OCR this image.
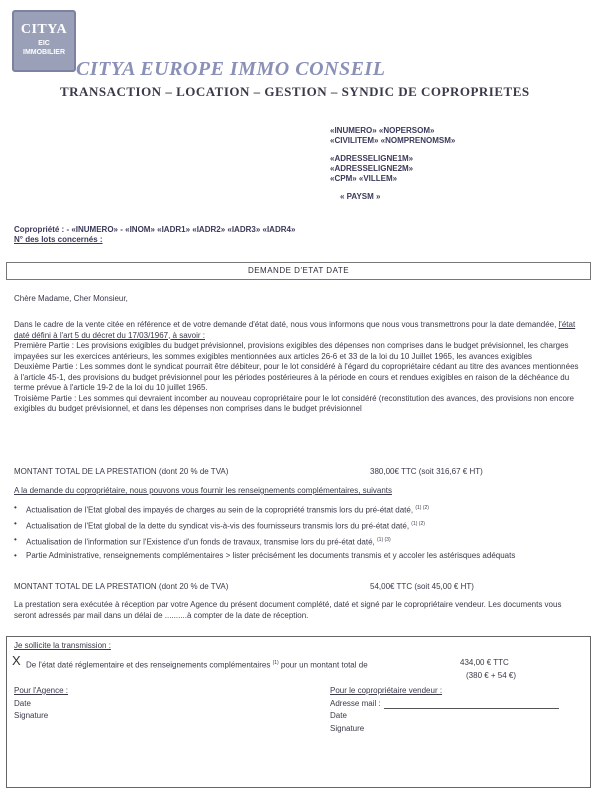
CITYA
EIC
IMMOBILIER
CITYA EUROPE IMMO CONSEIL
TRANSACTION – LOCATION – GESTION – SYNDIC DE COPROPRIETES
«INUMERO» «NOPERSOM»
«CIVILITEM» «NOMPRENOMSM»
«ADRESSELIGNE1M»
«ADRESSELIGNE2M»
«CPM» «VILLEM»
« PAYSM »
Copropriété : - «INUMERO» - «INOM» «IADR1» «IADR2» «IADR3» «IADR4»
N° des lots concernés :
DEMANDE D'ETAT DATE
Chère Madame, Cher Monsieur,
Dans le cadre de la vente citée en référence et de votre demande d'état daté, nous vous informons que nous vous transmettrons pour la date demandée, l'état daté défini à l'art 5 du décret du 17/03/1967, à savoir :
Première Partie : Les provisions exigibles du budget prévisionnel, provisions exigibles des dépenses non comprises dans le budget prévisionnel, les charges impayées sur les exercices antérieurs, les sommes exigibles mentionnées aux articles 26-6 et 33 de la loi du 10 Juillet 1965, les avances exigibles
Deuxième Partie : Les sommes dont le syndicat pourrait être débiteur, pour le lot considéré à l'égard du copropriétaire cédant au titre des avances mentionnées à l'article 45-1, des provisions du budget prévisionnel pour les périodes postérieures à la période en cours et rendues exigibles en raison de la déchéance du terme prévue à l'article 19-2 de la loi du 10 juillet 1965.
Troisième Partie : Les sommes qui devraient incomber au nouveau copropriétaire pour le lot considéré (reconstitution des avances, des provisions non encore exigibles du budget prévisionnel, et dans les dépenses non comprises dans le budget prévisionnel
MONTANT TOTAL DE LA PRESTATION (dont 20 % de TVA)	380,00€ TTC (soit 316,67 € HT)
A la demande du copropriétaire, nous pouvons vous fournir les renseignements complémentaires, suivants
• Actualisation de l'Etat global des impayés de charges au sein de la copropriété transmis lors du pré-état daté, $^{(1) (2)}$
• Actualisation de l'Etat global de la dette du syndicat vis-à-vis des fournisseurs transmis lors du pré-état daté, $^{(1) (2)}$
• Actualisation de l'information sur l'Existence d'un fonds de travaux, transmise lors du pré-état daté, $^{(1) (3)}$
• Partie Administrative, renseignements complémentaires > lister précisément les documents transmis et y accoler les astérisques adéquats
MONTANT TOTAL DE LA PRESTATION (dont 20 % de TVA)	54,00€ TTC (soit 45,00 € HT)
La prestation sera exécutée à réception par votre Agence du présent document complété, daté et signé par le copropriétaire vendeur. Les documents vous seront adressés par mail dans un délai de ..........à compter de la date de réception.
Je sollicite la transmission :
X De l'état daté réglementaire et des renseignements complémentaires $^{(1)}$ pour un montant total de	434,00 € TTC
(380 € + 54 €)
Pour l'Agence :
Date
Signature
Pour le copropriétaire vendeur :
Adresse mail :
Date
Signature
